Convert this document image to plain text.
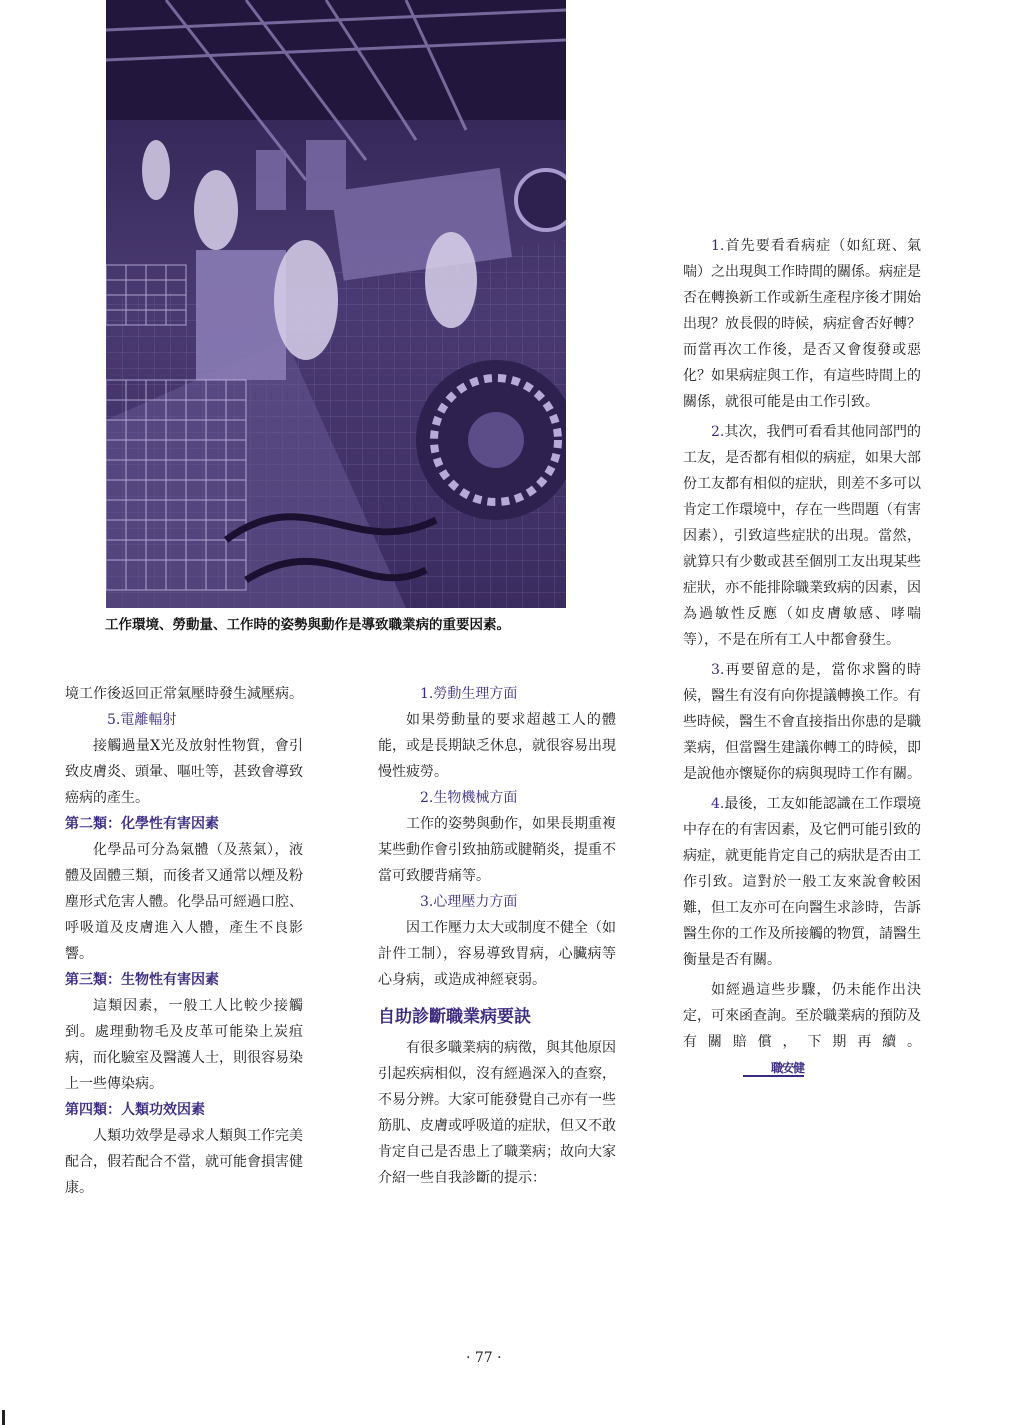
工作環境、勞動量、工作時的姿勢與動作是導致職業病的重要因素。

境工作後返回正常氣壓時發生減壓病。

5.電離輻射

接觸過量X光及放射性物質，會引致皮膚炎、頭暈、嘔吐等，甚致會導致癌病的產生。

第二類：化學性有害因素

化學品可分為氣體（及蒸氣），液體及固體三類，而後者又通常以煙及粉塵形式危害人體。化學品可經過口腔、呼吸道及皮膚進入人體，產生不良影響。

第三類：生物性有害因素

這類因素，一般工人比較少接觸到。處理動物毛及皮革可能染上炭疽病，而化驗室及醫護人士，則很容易染上一些傳染病。

第四類：人類功效因素

人類功效學是尋求人類與工作完美配合，假若配合不當，就可能會損害健康。

1.勞動生理方面

如果勞動量的要求超越工人的體能，或是長期缺乏休息，就很容易出現慢性疲勞。

2.生物機械方面

工作的姿勢與動作，如果長期重複某些動作會引致抽筋或腱鞘炎，提重不當可致腰背痛等。

3.心理壓力方面

因工作壓力太大或制度不健全（如計件工制），容易導致胃病，心臟病等心身病，或造成神經衰弱。

自助診斷職業病要訣

有很多職業病的病徵，與其他原因引起疾病相似，沒有經過深入的查察，不易分辨。大家可能發覺自己亦有一些筋肌、皮膚或呼吸道的症狀，但又不敢肯定自己是否患上了職業病；故向大家介紹一些自我診斷的提示：

1.首先要看看病症（如紅斑、氣喘）之出現與工作時間的關係。病症是否在轉換新工作或新生產程序後才開始出現？放長假的時候，病症會否好轉？而當再次工作後，是否又會復發或惡化？如果病症與工作，有這些時間上的關係，就很可能是由工作引致。

2.其次，我們可看看其他同部門的工友，是否都有相似的病症，如果大部份工友都有相似的症狀，則差不多可以肯定工作環境中，存在一些問題（有害因素），引致這些症狀的出現。當然，就算只有少數或甚至個別工友出現某些症狀，亦不能排除職業致病的因素，因為過敏性反應（如皮膚敏感、哮喘等），不是在所有工人中都會發生。

3.再要留意的是，當你求醫的時候，醫生有沒有向你提議轉換工作。有些時候，醫生不會直接指出你患的是職業病，但當醫生建議你轉工的時候，即是說他亦懷疑你的病與現時工作有關。

4.最後，工友如能認識在工作環境中存在的有害因素，及它們可能引致的病症，就更能肯定自己的病狀是否由工作引致。這對於一般工友來說會較困難，但工友亦可在向醫生求診時，告訴醫生你的工作及所接觸的物質，請醫生衡量是否有關。

如經過這些步驟，仍未能作出決定，可來函查詢。至於職業病的預防及有關賠償，下期再續。職安健

· 77 ·
